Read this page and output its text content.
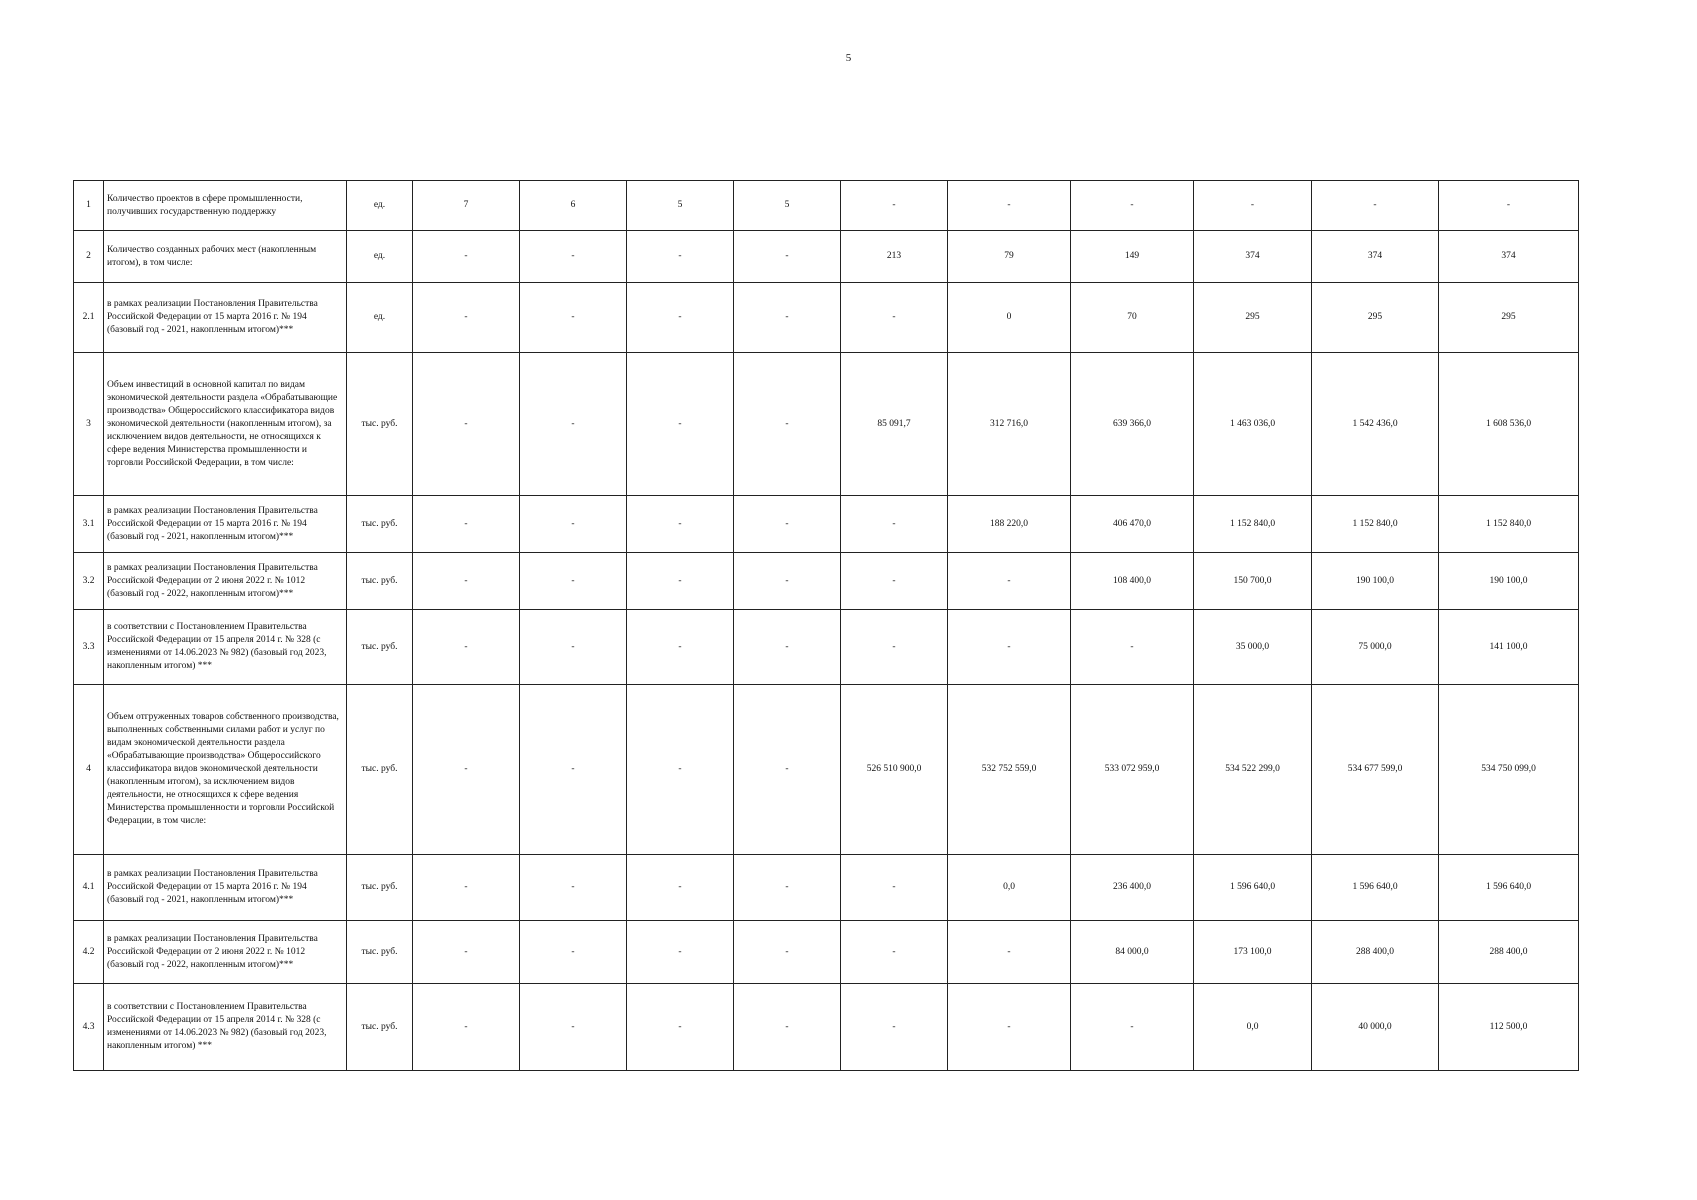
5
1	Количество проектов в сфере промышленности, получивших государственную поддержку	ед.	7	6	5	5	-	-	-	-	-	-
2	Количество созданных рабочих мест (накопленным итогом), в том числе:	ед.	-	-	-	-	213	79	149	374	374	374
2.1	в рамках реализации Постановления Правительства Российской Федерации от 15 марта 2016 г. № 194 (базовый год - 2021, накопленным итогом)***	ед.	-	-	-	-	-	0	70	295	295	295
3	Объем инвестиций в основной капитал по видам экономической деятельности раздела «Обрабатывающие производства» Общероссийского классификатора видов экономической деятельности (накопленным итогом), за исключением видов деятельности, не относящихся к сфере ведения Министерства промышленности и торговли Российской Федерации, в том числе:	тыс. руб.	-	-	-	-	85 091,7	312 716,0	639 366,0	1 463 036,0	1 542 436,0	1 608 536,0
3.1	в рамках реализации Постановления Правительства Российской Федерации от 15 марта 2016 г. № 194 (базовый год - 2021, накопленным итогом)***	тыс. руб.	-	-	-	-	-	188 220,0	406 470,0	1 152 840,0	1 152 840,0	1 152 840,0
3.2	в рамках реализации Постановления Правительства Российской Федерации от 2 июня 2022 г. № 1012 (базовый год - 2022, накопленным итогом)***	тыс. руб.	-	-	-	-	-	-	108 400,0	150 700,0	190 100,0	190 100,0
3.3	в соответствии с Постановлением Правительства Российской Федерации от 15 апреля 2014 г. № 328 (с изменениями от 14.06.2023 № 982) (базовый год 2023, накопленным итогом) ***	тыс. руб.	-	-	-	-	-	-	-	35 000,0	75 000,0	141 100,0
4	Объем отгруженных товаров собственного производства, выполненных собственными силами работ и услуг по видам экономической деятельности раздела «Обрабатывающие производства» Общероссийского классификатора видов экономической деятельности (накопленным итогом), за исключением видов деятельности, не относящихся к сфере ведения Министерства промышленности и торговли Российской Федерации, в том числе:	тыс. руб.	-	-	-	-	526 510 900,0	532 752 559,0	533 072 959,0	534 522 299,0	534 677 599,0	534 750 099,0
4.1	в рамках реализации Постановления Правительства Российской Федерации от 15 марта 2016 г. № 194 (базовый год - 2021, накопленным итогом)***	тыс. руб.	-	-	-	-	-	0,0	236 400,0	1 596 640,0	1 596 640,0	1 596 640,0
4.2	в рамках реализации Постановления Правительства Российской Федерации от 2 июня 2022 г. № 1012 (базовый год - 2022, накопленным итогом)***	тыс. руб.	-	-	-	-	-	-	84 000,0	173 100,0	288 400,0	288 400,0
4.3	в соответствии с Постановлением Правительства Российской Федерации от 15 апреля 2014 г. № 328 (с изменениями от 14.06.2023 № 982) (базовый год 2023, накопленным итогом) ***	тыс. руб.	-	-	-	-	-	-	-	0,0	40 000,0	112 500,0
